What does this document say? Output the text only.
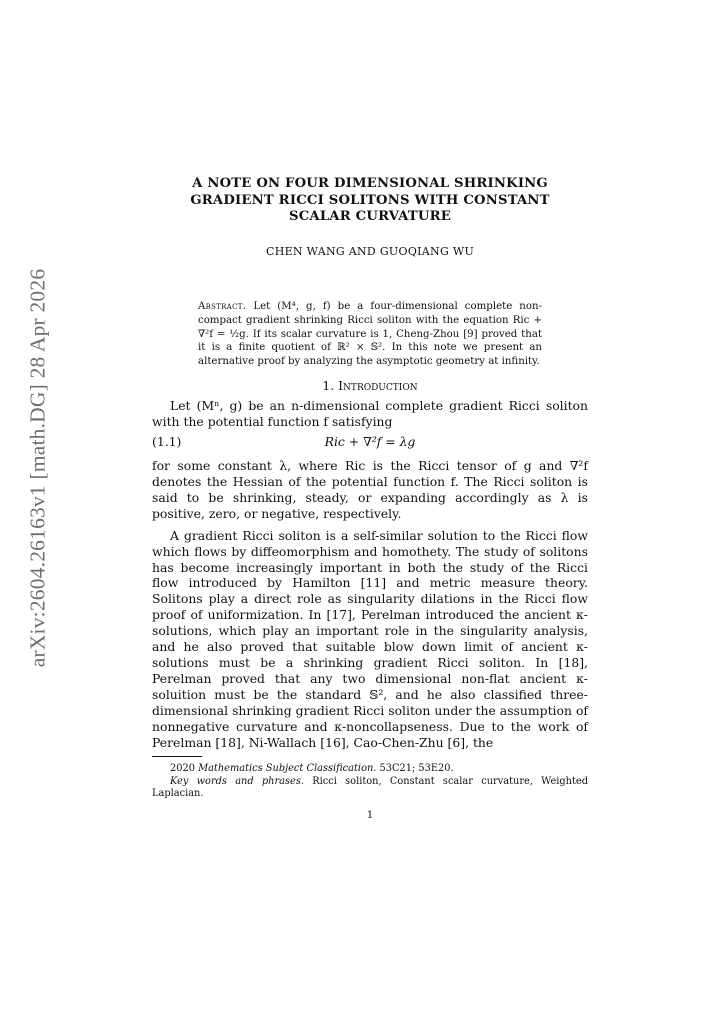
arXiv:2604.26163v1 [math.DG] 28 Apr 2026
A NOTE ON FOUR DIMENSIONAL SHRINKING
GRADIENT RICCI SOLITONS WITH CONSTANT
SCALAR CURVATURE
CHEN WANG AND GUOQIANG WU
Abstract. Let (M⁴, g, f) be a four-dimensional complete non-compact gradient shrinking Ricci soliton with the equation Ric + ∇²f = ½g. If its scalar curvature is 1, Cheng-Zhou [9] proved that it is a finite quotient of ℝ² × 𝕊². In this note we present an alternative proof by analyzing the asymptotic geometry at infinity.
1. Introduction

Let (Mⁿ, g) be an n-dimensional complete gradient Ricci soliton with the potential function f satisfying

(1.1)	Ric + ∇²f = λg

for some constant λ, where Ric is the Ricci tensor of g and ∇²f denotes the Hessian of the potential function f. The Ricci soliton is said to be shrinking, steady, or expanding accordingly as λ is positive, zero, or negative, respectively.

A gradient Ricci soliton is a self-similar solution to the Ricci flow which flows by diffeomorphism and homothety. The study of solitons has become increasingly important in both the study of the Ricci flow introduced by Hamilton [11] and metric measure theory. Solitons play a direct role as singularity dilations in the Ricci flow proof of uniformization. In [17], Perelman introduced the ancient κ-solutions, which play an important role in the singularity analysis, and he also proved that suitable blow down limit of ancient κ-solutions must be a shrinking gradient Ricci soliton. In [18], Perelman proved that any two dimensional non-flat ancient κ-soluition must be the standard 𝕊², and he also classified three-dimensional shrinking gradient Ricci soliton under the assumption of nonnegative curvature and κ-noncollapseness. Due to the work of Perelman [18], Ni-Wallach [16], Cao-Chen-Zhu [6], the

2020 Mathematics Subject Classification. 53C21; 53E20.

Key words and phrases. Ricci soliton, Constant scalar curvature, Weighted Laplacian.

1
